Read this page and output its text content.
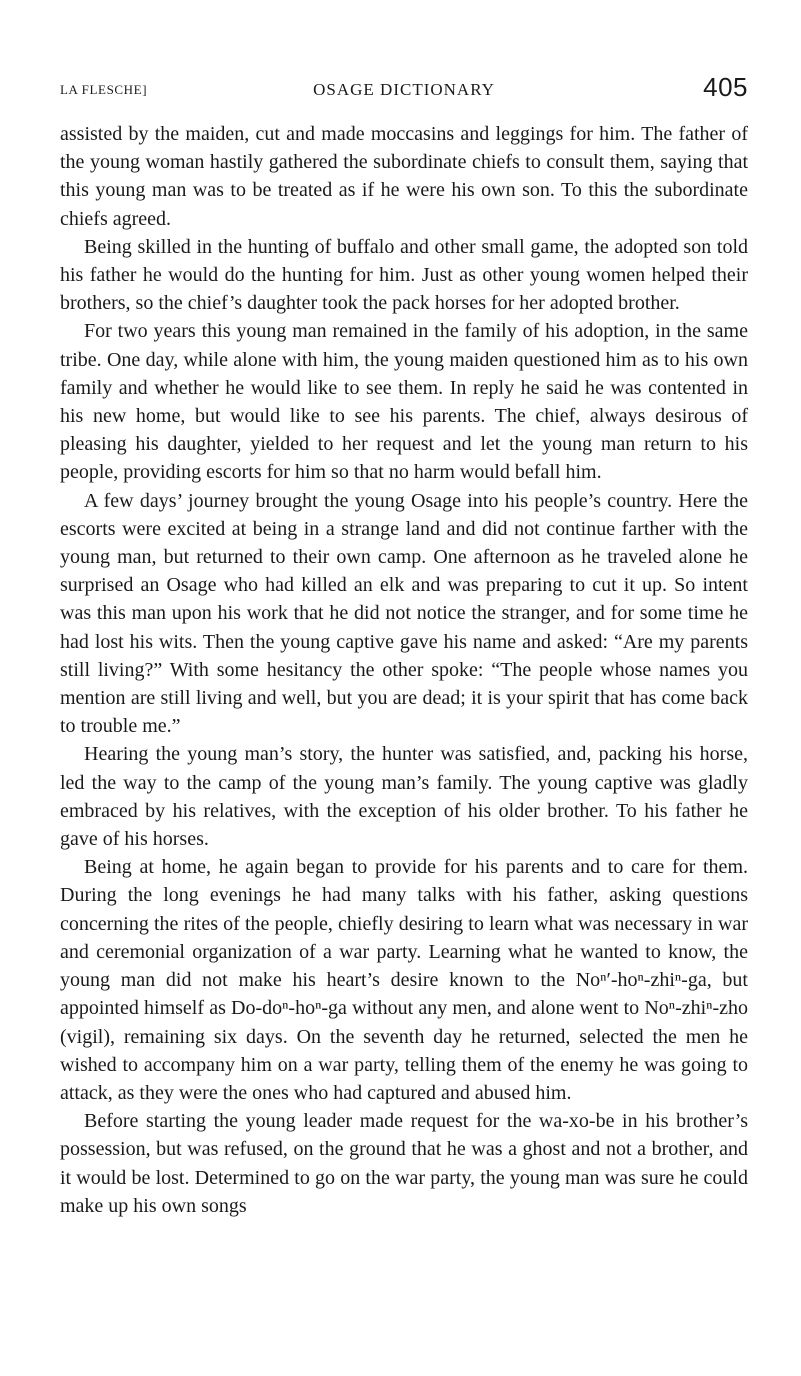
LA FLESCHE]	OSAGE DICTIONARY	405

assisted by the maiden, cut and made moccasins and leggings for him. The father of the young woman hastily gathered the subordinate chiefs to consult them, saying that this young man was to be treated as if he were his own son. To this the subordinate chiefs agreed.

Being skilled in the hunting of buffalo and other small game, the adopted son told his father he would do the hunting for him. Just as other young women helped their brothers, so the chief’s daughter took the pack horses for her adopted brother.

For two years this young man remained in the family of his adoption, in the same tribe. One day, while alone with him, the young maiden questioned him as to his own family and whether he would like to see them. In reply he said he was contented in his new home, but would like to see his parents. The chief, always desirous of pleasing his daughter, yielded to her request and let the young man return to his people, providing escorts for him so that no harm would befall him.

A few days’ journey brought the young Osage into his people’s country. Here the escorts were excited at being in a strange land and did not continue farther with the young man, but returned to their own camp. One afternoon as he traveled alone he surprised an Osage who had killed an elk and was preparing to cut it up. So intent was this man upon his work that he did not notice the stranger, and for some time he had lost his wits. Then the young captive gave his name and asked: “Are my parents still living?” With some hesitancy the other spoke: “The people whose names you mention are still living and well, but you are dead; it is your spirit that has come back to trouble me.”

Hearing the young man’s story, the hunter was satisfied, and, packing his horse, led the way to the camp of the young man’s family. The young captive was gladly embraced by his relatives, with the exception of his older brother. To his father he gave of his horses.

Being at home, he again began to provide for his parents and to care for them. During the long evenings he had many talks with his father, asking questions concerning the rites of the people, chiefly desiring to learn what was necessary in war and ceremonial organization of a war party. Learning what he wanted to know, the young man did not make his heart’s desire known to the Noⁿ′-hoⁿ-zhiⁿ-ga, but appointed himself as Do-doⁿ-hoⁿ-ga without any men, and alone went to Noⁿ-zhiⁿ-zho (vigil), remaining six days. On the seventh day he returned, selected the men he wished to accompany him on a war party, telling them of the enemy he was going to attack, as they were the ones who had captured and abused him.

Before starting the young leader made request for the wa-xo-be in his brother’s possession, but was refused, on the ground that he was a ghost and not a brother, and it would be lost. Determined to go on the war party, the young man was sure he could make up his own songs
